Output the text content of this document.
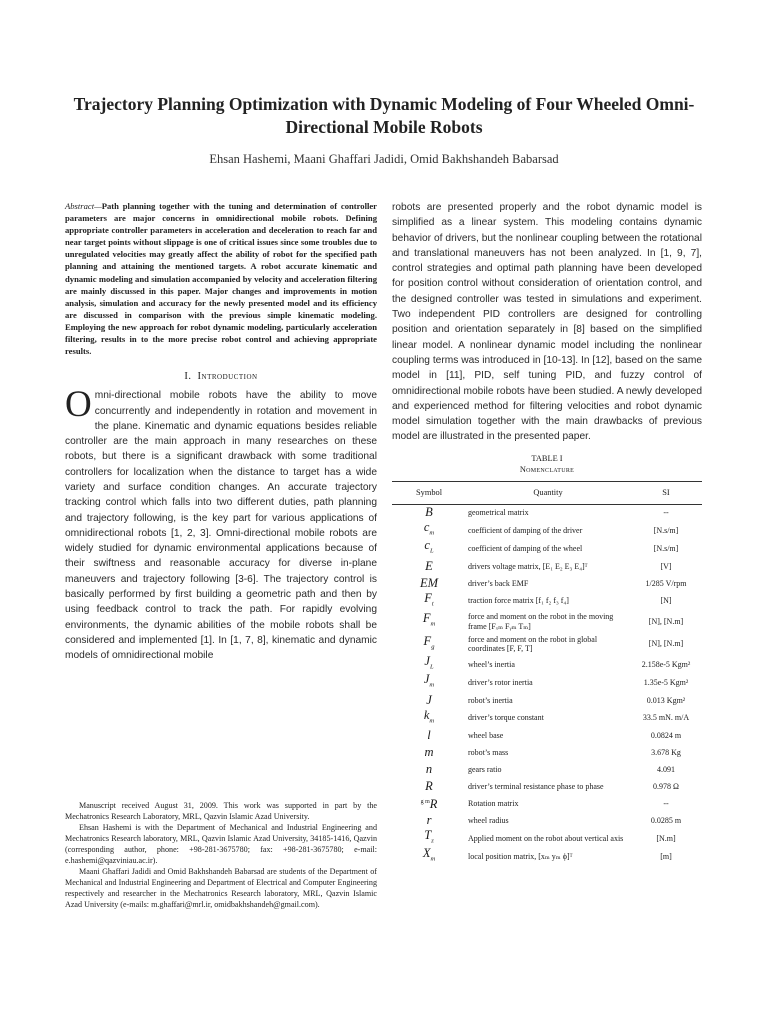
Trajectory Planning Optimization with Dynamic Modeling of Four Wheeled Omni-Directional Mobile Robots
Ehsan Hashemi, Maani Ghaffari Jadidi, Omid Bakhshandeh Babarsad

Abstract—Path planning together with the tuning and determination of controller parameters are major concerns in omnidirectional mobile robots. Defining appropriate controller parameters in acceleration and deceleration to reach far and near target points without slippage is one of critical issues since some troubles due to unregulated velocities may greatly affect the ability of robot for the specified path planning and attaining the mentioned targets. A robot accurate kinematic and dynamic modeling and simulation accompanied by velocity and acceleration filtering are mainly discussed in this paper. Major changes and improvements in motion analysis, simulation and accuracy for the newly presented model and its efficiency are discussed in comparison with the previous simple kinematic modeling. Employing the new approach for robot dynamic modeling, particularly acceleration filtering, results in to the more precise robot control and achieving appropriate results.

I. Introduction

Omni-directional mobile robots have the ability to move concurrently and independently in rotation and movement in the plane. Kinematic and dynamic equations besides reliable controller are the main approach in many researches on these robots, but there is a significant drawback with some traditional controllers for localization when the distance to target has a wide variety and surface condition changes. An accurate trajectory tracking control which falls into two different duties, path planning and trajectory following, is the key part for various applications of omnidirectional robots [1, 2, 3]. Omni-directional mobile robots are widely studied for dynamic environmental applications because of their swiftness and reasonable accuracy for diverse in-plane maneuvers and trajectory following [3-6]. The trajectory control is basically performed by first building a geometric path and then by using feedback control to track the path. For rapidly evolving environments, the dynamic abilities of the mobile robots shall be considered and implemented [1]. In [1, 7, 8], kinematic and dynamic models of omnidirectional mobile

Manuscript received August 31, 2009. This work was supported in part by the Mechatronics Research Laboratory, MRL, Qazvin Islamic Azad University.

Ehsan Hashemi is with the Department of Mechanical and Industrial Engineering and Mechatronics Research laboratory, MRL, Qazvin Islamic Azad University, 34185-1416, Qazvin (corresponding author, phone: +98-281-3675780; fax: +98-281-3675780; e-mail: e.hashemi@qazviniau.ac.ir).

Maani Ghaffari Jadidi and Omid Bakhshandeh Babarsad are students of the Department of Mechanical and Industrial Engineering and Department of Electrical and Computer Engineering respectively and researcher in the Mechatronics Research laboratory, MRL, Qazvin Islamic Azad University (e-mails: m.ghaffari@mrl.ir, omidbakhshandeh@gmail.com).

robots are presented properly and the robot dynamic model is simplified as a linear system. This modeling contains dynamic behavior of drivers, but the nonlinear coupling between the rotational and translational maneuvers has not been analyzed. In [1, 9, 7], control strategies and optimal path planning have been developed for position control without consideration of orientation control, and the designed controller was tested in simulations and experiment. Two independent PID controllers are designed for controlling position and orientation separately in [8] based on the simplified linear model. A nonlinear dynamic model including the nonlinear coupling terms was introduced in [10-13]. In [12], based on the same model in [11], PID, self tuning PID, and fuzzy control of omnidirectional mobile robots have been studied. A newly developed and experienced method for filtering velocities and robot dynamic model simulation together with the main drawbacks of previous model are illustrated in the presented paper.

TABLE I
Nomenclature
Symbol	Quantity	SI
B	geometrical matrix	--
$c_m$	coefficient of damping of the driver	[N.s/m]
$c_L$	coefficient of damping of the wheel	[N.s/m]
E	drivers voltage matrix, [E₁ E₂ E₃ E₄]ᵀ	[V]
EM	driver’s back EMF	1/285 V/rpm
$F_t$	traction force matrix [f₁ f₂ f₃ f₄]	[N]
$F_m$	force and moment on the robot in the moving frame [Fₓₘ Fᵧₘ Tₘ]	[N], [N.m]
$F_g$	force and moment on the robot in global coordinates [F, F, T]	[N], [N.m]
$J_L$	wheel’s inertia	2.158e-5 Kgm²
$J_m$	driver’s rotor inertia	1.35e-5 Kgm²
J	robot’s inertia	0.013 Kgm²
$k_m$	driver’s torque constant	33.5 mN. m/A
l	wheel base	0.0824 m
m	robot’s mass	3.678 Kg
n	gears ratio	4.091
R	driver’s terminal resistance phase to phase	0.978 Ω
$^{g m}$R	Rotation matrix	--
r	wheel radius	0.0285 m
$T_z$	Applied moment on the robot about vertical axis	[N.m]
$X_m$	local position matrix, [xₘ yₘ ϕ]ᵀ	[m]
